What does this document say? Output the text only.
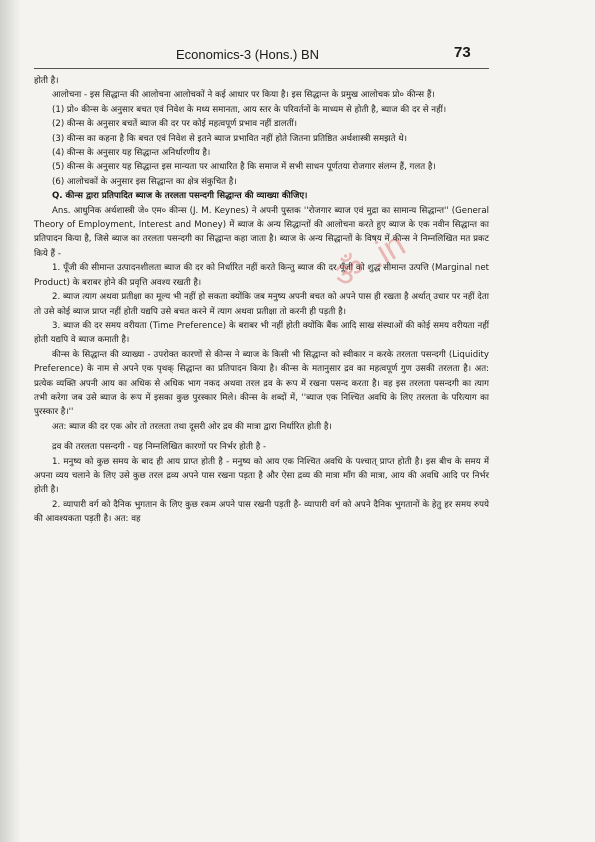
Economics-3 (Hons.) BN	73

होती है।

आलोचना - इस सिद्धान्त की आलोचना आलोचकों ने कई आधार पर किया है। इस सिद्धान्त के प्रमुख आलोचक प्रो० कीन्स हैं।

(1) प्रो० कीन्स के अनुसार बचत एवं निवेश के मध्य समानता, आय स्तर के परिवर्तनों के माध्यम से होती है, ब्याज की दर से नहीं।

(2) कीन्स के अनुसार बचतें ब्याज की दर पर कोई महत्वपूर्ण प्रभाव नहीं डालतीं।

(3) कीन्स का कहना है कि बचत एवं निवेश से इतने ब्याज प्रभावित नहीं होते जितना प्रतिष्ठित अर्थशास्त्री समझते थे।

(4) कीन्स के अनुसार यह सिद्धान्त अनिर्धारणीय है।

(5) कीन्स के अनुसार यह सिद्धान्त इस मान्यता पर आधारित है कि समाज में सभी साधन पूर्णतया रोजगार संलग्न हैं, गलत है।

(6) आलोचकों के अनुसार इस सिद्धान्त का क्षेत्र संकुचित है।

Q. कीन्स द्वारा प्रतिपादित ब्याज के तरलता पसन्दगी सिद्धान्त की व्याख्या कीजिए।

Ans. आधुनिक अर्थशास्त्री जे० एम० कीन्स (J. M. Keynes) ने अपनी पुस्तक ''रोजगार ब्याज एवं मुद्रा का सामान्य सिद्धान्त'' (General Theory of Employment, Interest and Money) में ब्याज के अन्य सिद्धान्तों की आलोचना करते हुए ब्याज के एक नवीन सिद्धान्त का प्रतिपादन किया है, जिसे ब्याज का तरलता पसन्दगी का सिद्धान्त कहा जाता है। ब्याज के अन्य सिद्धान्तों के विषय में कीन्स ने निम्नलिखित मत प्रकट किये हैं -

1. पूँजी की सीमान्त उत्पादनशीलता ब्याज की दर को निर्धारित नहीं करते किन्तु ब्याज की दर पूँजी को शुद्ध सीमान्त उत्पत्ति (Marginal net Product) के बराबर होने की प्रवृत्ति अवश्य रखती है।

2. ब्याज त्याग अथवा प्रतीक्षा का मूल्य भी नहीं हो सकता क्योंकि जब मनुष्य अपनी बचत को अपने पास ही रखता है अर्थात् उधार पर नहीं देता तो उसे कोई ब्याज प्राप्त नहीं होती यद्यपि उसे बचत करने में त्याग अथवा प्रतीक्षा तो करनी ही पड़ती है।

3. ब्याज की दर समय वरीयता (Time Preference) के बराबर भी नहीं होती क्योंकि बैंक आदि साख संस्थाओं की कोई समय वरीयता नहीं होती यद्यपि वे ब्याज कमाती है।

कीन्स के सिद्धान्त की व्याख्या - उपरोक्त कारणों से कीन्स ने ब्याज के किसी भी सिद्धान्त को स्वीकार न करके तरलता पसन्दगी (Liquidity Preference) के नाम से अपने एक पृथक् सिद्धान्त का प्रतिपादन किया है। कीन्स के मतानुसार द्रव का महत्वपूर्ण गुण उसकी तरलता है। अत: प्रत्येक व्यक्ति अपनी आय का अधिक से अधिक भाग नकद अथवा तरल द्रव के रूप में रखना पसन्द करता है। वह इस तरलता पसन्दगी का त्याग तभी करेगा जब उसे ब्याज के रूप में इसका कुछ पुरस्कार मिले। कीन्स के शब्दों में, ''ब्याज एक निश्चित अवधि के लिए तरलता के परित्याग का पुरस्कार है।''

अत: ब्याज की दर एक ओर तो तरलता तथा दूसरी ओर द्रव की मात्रा द्वारा निर्धारित होती है।

द्रव की तरलता पसन्दगी - यह निम्नलिखित कारणों पर निर्भर होती है -

1. मनुष्य को कुछ समय के बाद ही आय प्राप्त होती है - मनुष्य को आय एक निश्चित अवधि के पश्चात् प्राप्त होती है। इस बीच के समय में अपना व्यय चलाने के लिए उसे कुछ तरल द्रव्य अपने पास रखना पड़ता है और ऐसा द्रव्य की मात्रा माँग की मात्रा, आय की अवधि आदि पर निर्भर होती है।

2. व्यापारी वर्ग को दैनिक भुगतान के लिए कुछ रकम अपने पास रखनी पड़ती है- व्यापारी वर्ग को अपने दैनिक भुगतानों के हेतु हर समय रुपये की आवश्यकता पड़ती है। अत: वह

ॐ .in
